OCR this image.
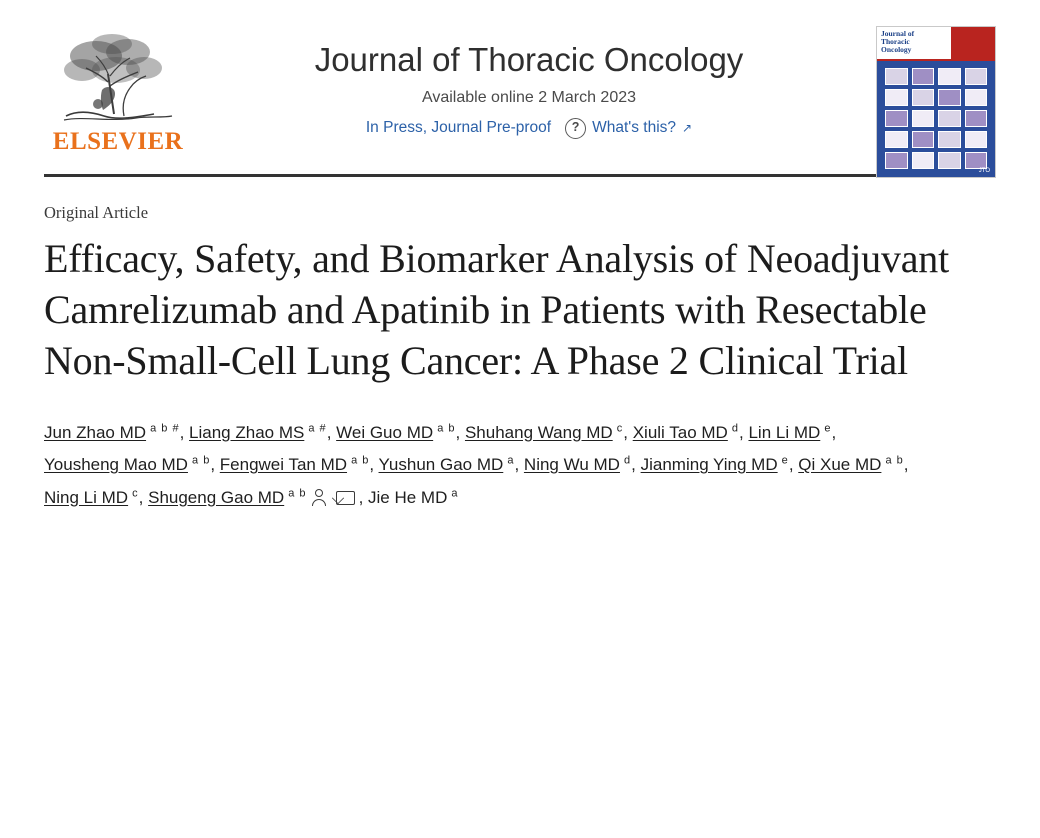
ELSEVIER
Journal of Thoracic Oncology
Available online 2 March 2023
In Press, Journal Pre-proof	? What's this? ↗
Journal of
Thoracic
Oncology
JTO
Original Article
Efficacy, Safety, and Biomarker Analysis of Neoadjuvant Camrelizumab and Apatinib in Patients with Resectable Non-Small-Cell Lung Cancer: A Phase 2 Clinical Trial
Jun Zhao MD $^{a b \#}$, Liang Zhao MS $^{a \#}$, Wei Guo MD $^{a b}$, Shuhang Wang MD $^c$, Xiuli Tao MD $^d$, Lin Li MD $^e$, Yousheng Mao MD $^{a b}$, Fengwei Tan MD $^{a b}$, Yushun Gao MD $^a$, Ning Wu MD $^d$, Jianming Ying MD $^e$, Qi Xue MD $^{a b}$, Ning Li MD $^c$, Shugeng Gao MD $^{a b}$	, Jie He MD $^a$
